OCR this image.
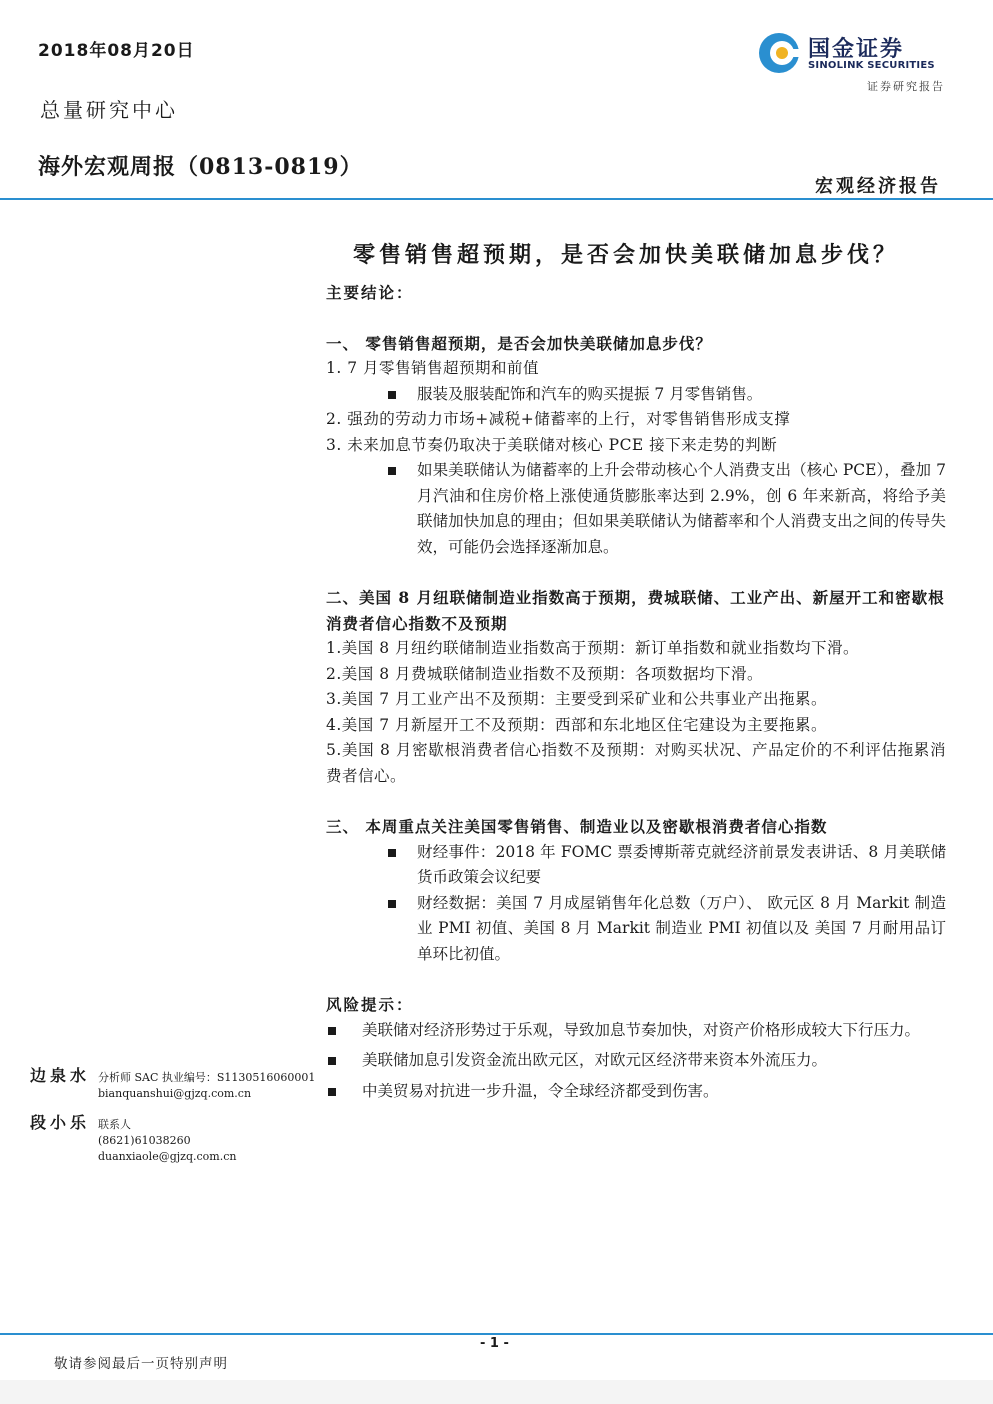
2018年08月20日
总量研究中心
海外宏观周报（0813-0819）
国金证券
SINOLINK SECURITIES
证券研究报告
宏观经济报告
零售销售超预期，是否会加快美联储加息步伐？

主要结论：

一、 零售销售超预期，是否会加快美联储加息步伐？

1. 7 月零售销售超预期和前值

服装及服装配饰和汽车的购买提振 7 月零售销售。

2. 强劲的劳动力市场+减税+储蓄率的上行，对零售销售形成支撑

3. 未来加息节奏仍取决于美联储对核心 PCE 接下来走势的判断

如果美联储认为储蓄率的上升会带动核心个人消费支出（核心 PCE），叠加 7 月汽油和住房价格上涨使通货膨胀率达到 2.9%，创 6 年来新高，将给予美联储加快加息的理由；但如果美联储认为储蓄率和个人消费支出之间的传导失效，可能仍会选择逐渐加息。

二、美国 8 月纽联储制造业指数高于预期，费城联储、工业产出、新屋开工和密歇根消费者信心指数不及预期

1.美国 8 月纽约联储制造业指数高于预期：新订单指数和就业指数均下滑。

2.美国 8 月费城联储制造业指数不及预期：各项数据均下滑。

3.美国 7 月工业产出不及预期：主要受到采矿业和公共事业产出拖累。

4.美国 7 月新屋开工不及预期：西部和东北地区住宅建设为主要拖累。

5.美国 8 月密歇根消费者信心指数不及预期：对购买状况、产品定价的不利评估拖累消费者信心。

三、 本周重点关注美国零售销售、制造业以及密歇根消费者信心指数

财经事件：2018 年 FOMC 票委博斯蒂克就经济前景发表讲话、8 月美联储货币政策会议纪要

财经数据：美国 7 月成屋销售年化总数（万户）、 欧元区 8 月 Markit 制造业 PMI 初值、美国 8 月 Markit 制造业 PMI 初值以及 美国 7 月耐用品订单环比初值。

风险提示：

美联储对经济形势过于乐观，导致加息节奏加快，对资产价格形成较大下行压力。

美联储加息引发资金流出欧元区，对欧元区经济带来资本外流压力。

中美贸易对抗进一步升温，令全球经济都受到伤害。

边泉水 分析师 SAC 执业编号：S1130516060001
bianquanshui@gjzq.com.cn
段小乐 联系人
(8621)61038260
duanxiaole@gjzq.com.cn
- 1 -
敬请参阅最后一页特别声明
